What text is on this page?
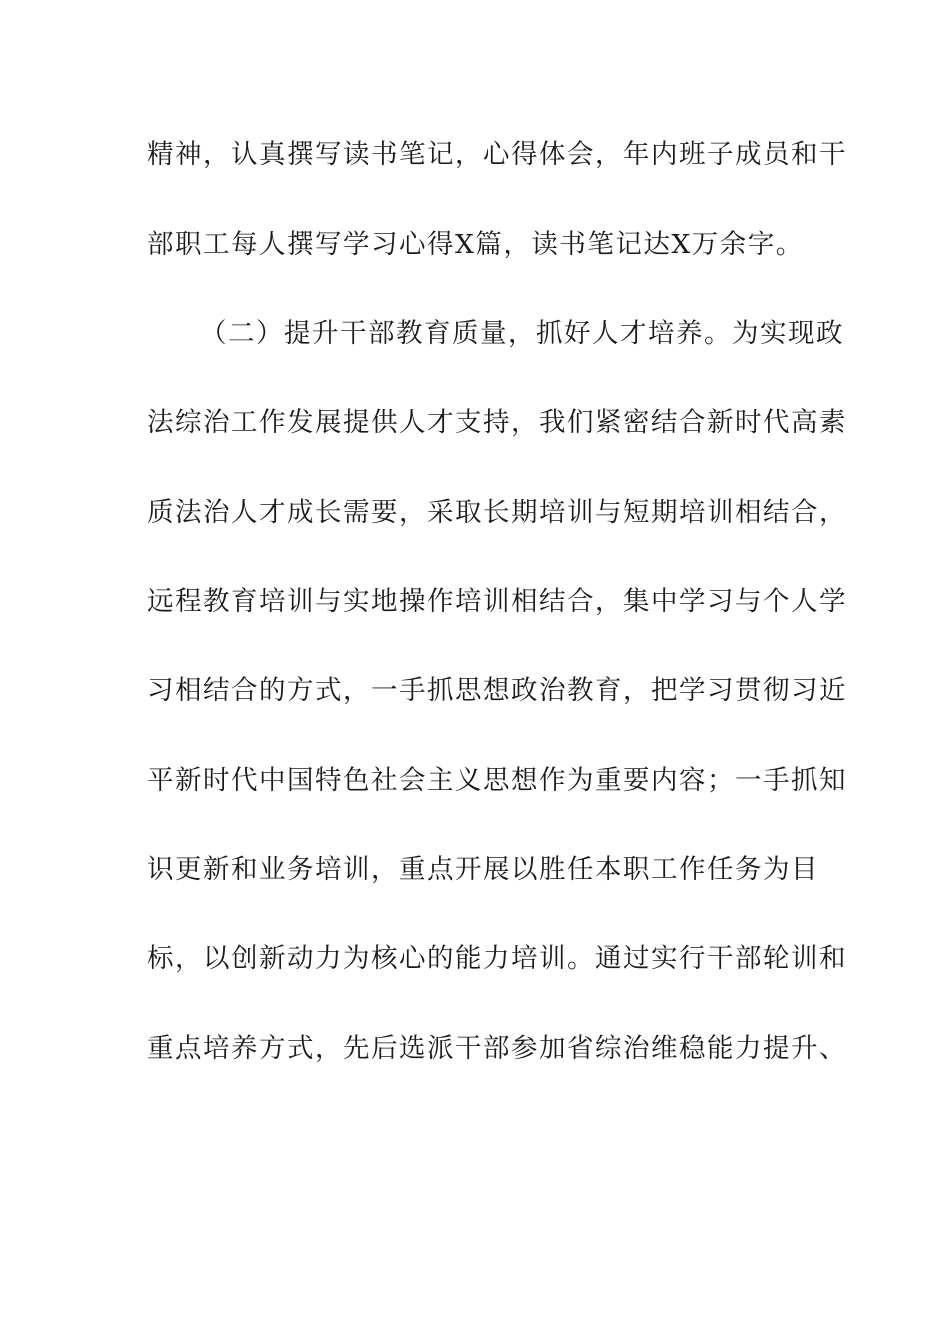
精神，认真撰写读书笔记，心得体会，年内班子成员和干
部职工每人撰写学习心得X篇，读书笔记达X万余字。
（二）提升干部教育质量，抓好人才培养。为实现政
法综治工作发展提供人才支持，我们紧密结合新时代高素
质法治人才成长需要，采取长期培训与短期培训相结合，
远程教育培训与实地操作培训相结合，集中学习与个人学
习相结合的方式，一手抓思想政治教育，把学习贯彻习近
平新时代中国特色社会主义思想作为重要内容；一手抓知
识更新和业务培训，重点开展以胜任本职工作任务为目
标，以创新动力为核心的能力培训。通过实行干部轮训和
重点培养方式，先后选派干部参加省综治维稳能力提升、
